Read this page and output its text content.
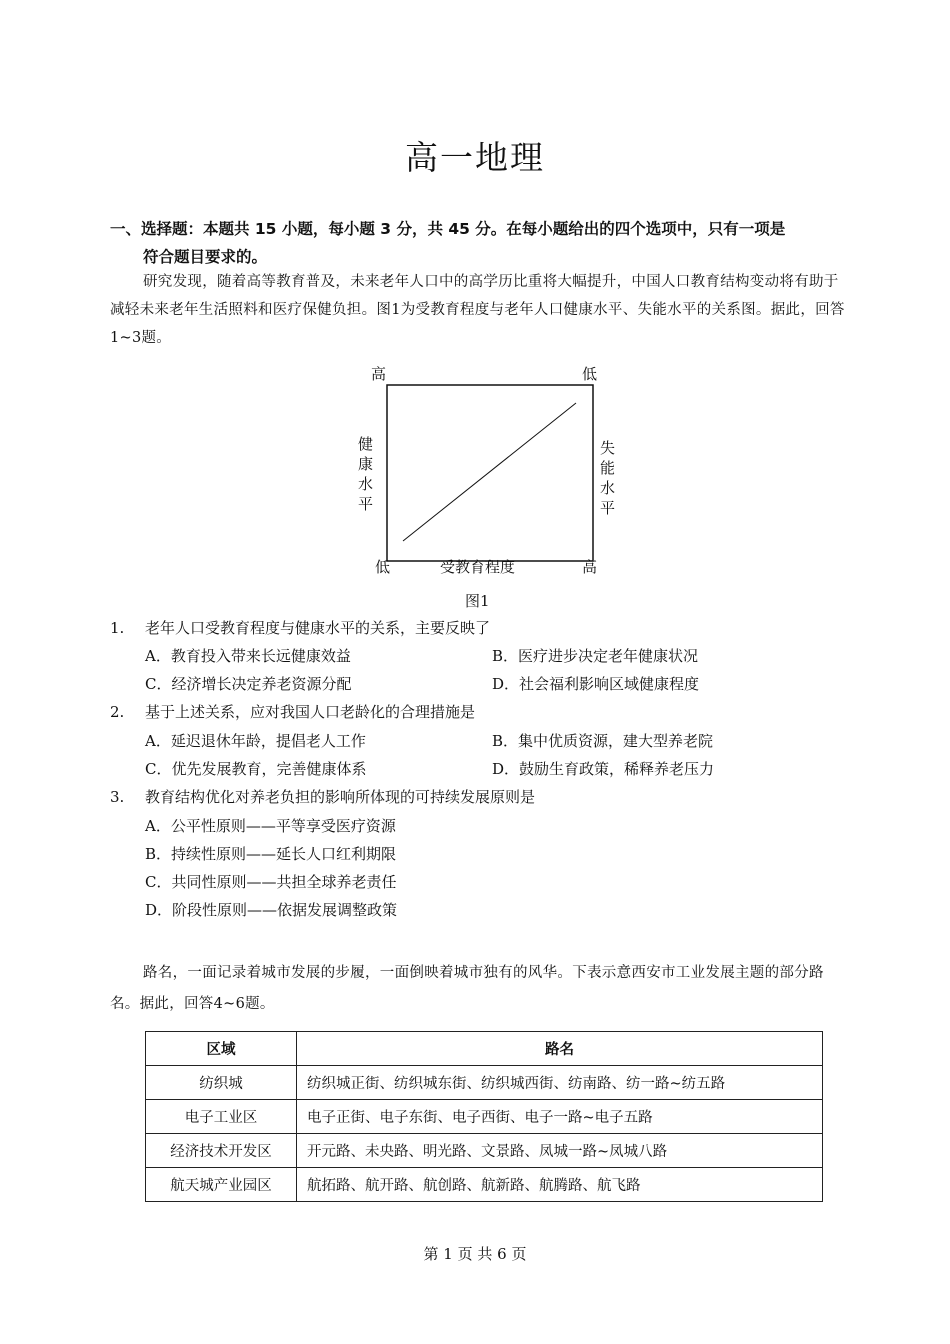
高一地理
一、选择题：本题共 15 小题，每小题 3 分，共 45 分。在每小题给出的四个选项中，只有一项是
符合题目要求的。
研究发现，随着高等教育普及，未来老年人口中的高学历比重将大幅提升，中国人口教育结构变动将有助于减轻未来老年生活照料和医疗保健负担。图1为受教育程度与老年人口健康水平、失能水平的关系图。据此，回答1~3题。
高	低
健康水平
失能水平
低	受教育程度	高
图1
1. 老年人口受教育程度与健康水平的关系，主要反映了
A．教育投入带来长远健康效益	B．医疗进步决定老年健康状况
C．经济增长决定养老资源分配	D．社会福利影响区域健康程度
2. 基于上述关系，应对我国人口老龄化的合理措施是
A．延迟退休年龄，提倡老人工作	B．集中优质资源，建大型养老院
C．优先发展教育，完善健康体系	D．鼓励生育政策，稀释养老压力
3. 教育结构优化对养老负担的影响所体现的可持续发展原则是
A．公平性原则——平等享受医疗资源
B．持续性原则——延长人口红利期限
C．共同性原则——共担全球养老责任
D．阶段性原则——依据发展调整政策
路名，一面记录着城市发展的步履，一面倒映着城市独有的风华。下表示意西安市工业发展主题的部分路名。据此，回答4~6题。
区域	路名
纺织城	纺织城正街、纺织城东街、纺织城西街、纺南路、纺一路~纺五路
电子工业区	电子正街、电子东街、电子西街、电子一路~电子五路
经济技术开发区	开元路、未央路、明光路、文景路、凤城一路~凤城八路
航天城产业园区	航拓路、航开路、航创路、航新路、航腾路、航飞路
第 1 页 共 6 页
